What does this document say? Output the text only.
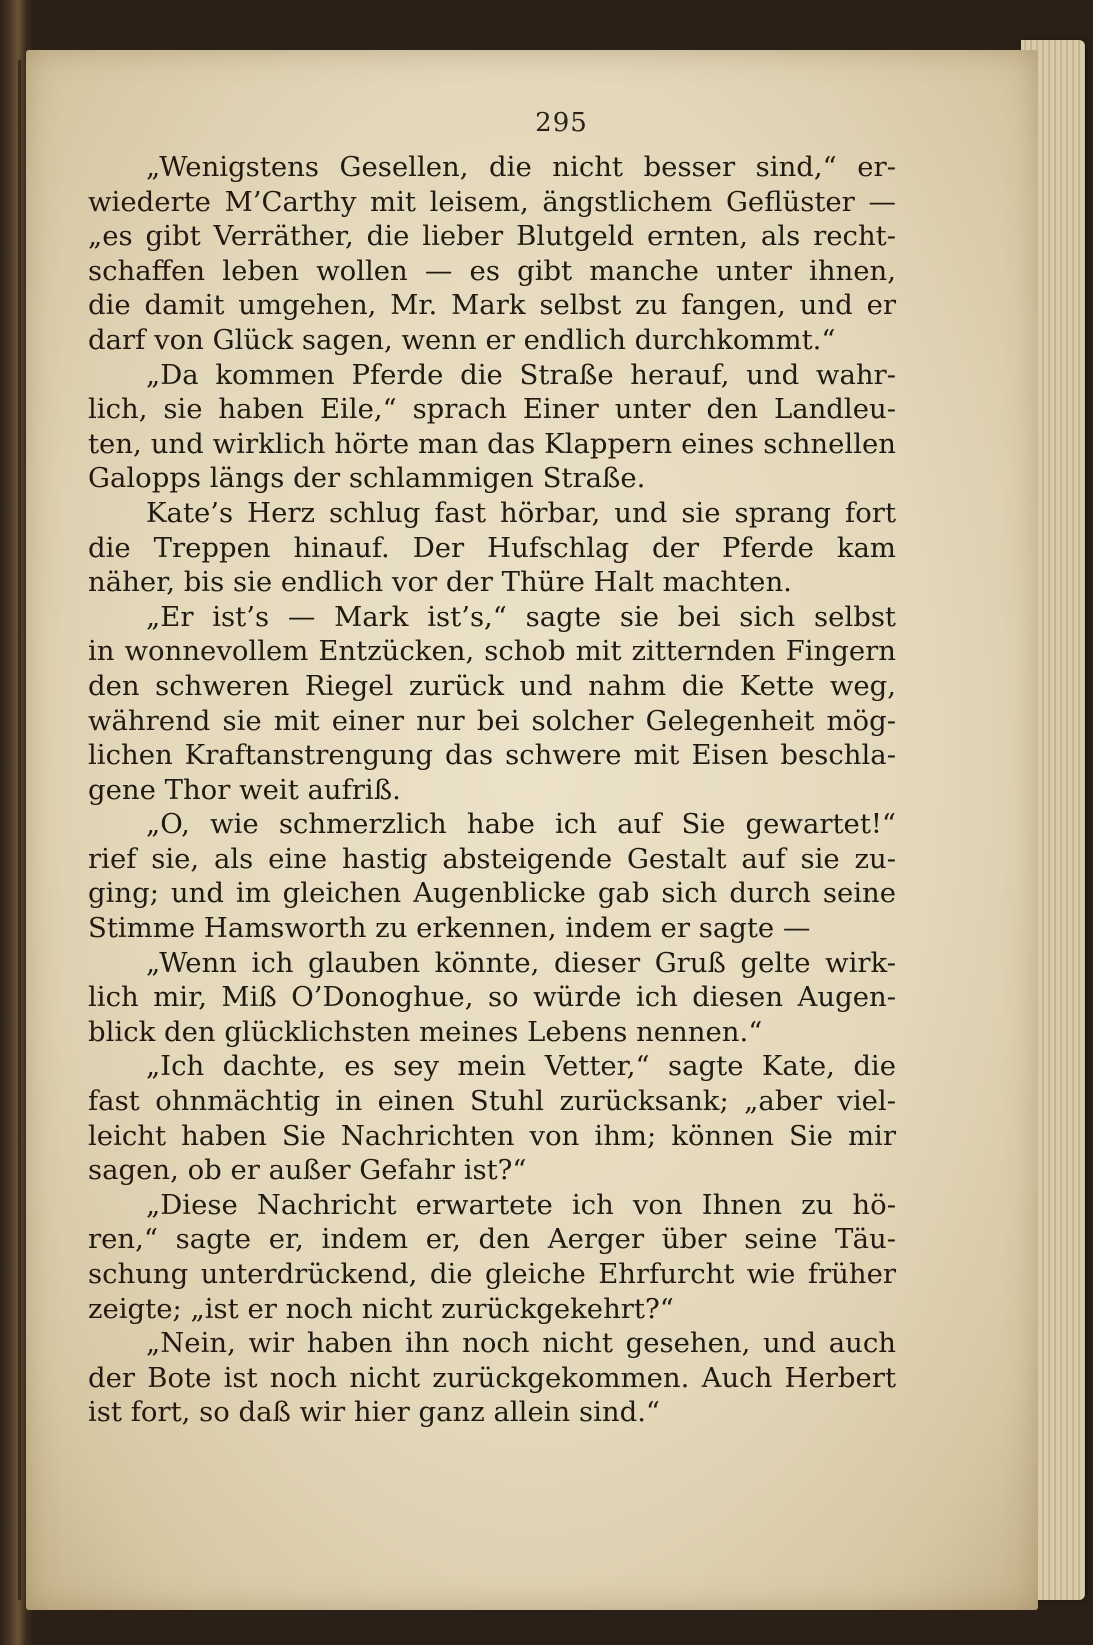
295
„Wenigstens Gesellen, die nicht besser sind,“ er-
wiederte M’Carthy mit leisem, ängstlichem Geflüster —
„es gibt Verräther, die lieber Blutgeld ernten, als recht-
schaffen leben wollen — es gibt manche unter ihnen,
die damit umgehen, Mr. Mark selbst zu fangen, und er
darf von Glück sagen, wenn er endlich durchkommt.“
„Da kommen Pferde die Straße herauf, und wahr-
lich, sie haben Eile,“ sprach Einer unter den Landleu-
ten, und wirklich hörte man das Klappern eines schnellen
Galopps längs der schlammigen Straße.
Kate’s Herz schlug fast hörbar, und sie sprang fort
die Treppen hinauf. Der Hufschlag der Pferde kam
näher, bis sie endlich vor der Thüre Halt machten.
„Er ist’s — Mark ist’s,“ sagte sie bei sich selbst
in wonnevollem Entzücken, schob mit zitternden Fingern
den schweren Riegel zurück und nahm die Kette weg,
während sie mit einer nur bei solcher Gelegenheit mög-
lichen Kraftanstrengung das schwere mit Eisen beschla-
gene Thor weit aufriß.
„O, wie schmerzlich habe ich auf Sie gewartet!“
rief sie, als eine hastig absteigende Gestalt auf sie zu-
ging; und im gleichen Augenblicke gab sich durch seine
Stimme Hamsworth zu erkennen, indem er sagte —
„Wenn ich glauben könnte, dieser Gruß gelte wirk-
lich mir, Miß O’Donoghue, so würde ich diesen Augen-
blick den glücklichsten meines Lebens nennen.“
„Ich dachte, es sey mein Vetter,“ sagte Kate, die
fast ohnmächtig in einen Stuhl zurücksank; „aber viel-
leicht haben Sie Nachrichten von ihm; können Sie mir
sagen, ob er außer Gefahr ist?“
„Diese Nachricht erwartete ich von Ihnen zu hö-
ren,“ sagte er, indem er, den Aerger über seine Täu-
schung unterdrückend, die gleiche Ehrfurcht wie früher
zeigte; „ist er noch nicht zurückgekehrt?“
„Nein, wir haben ihn noch nicht gesehen, und auch
der Bote ist noch nicht zurückgekommen. Auch Herbert
ist fort, so daß wir hier ganz allein sind.“
